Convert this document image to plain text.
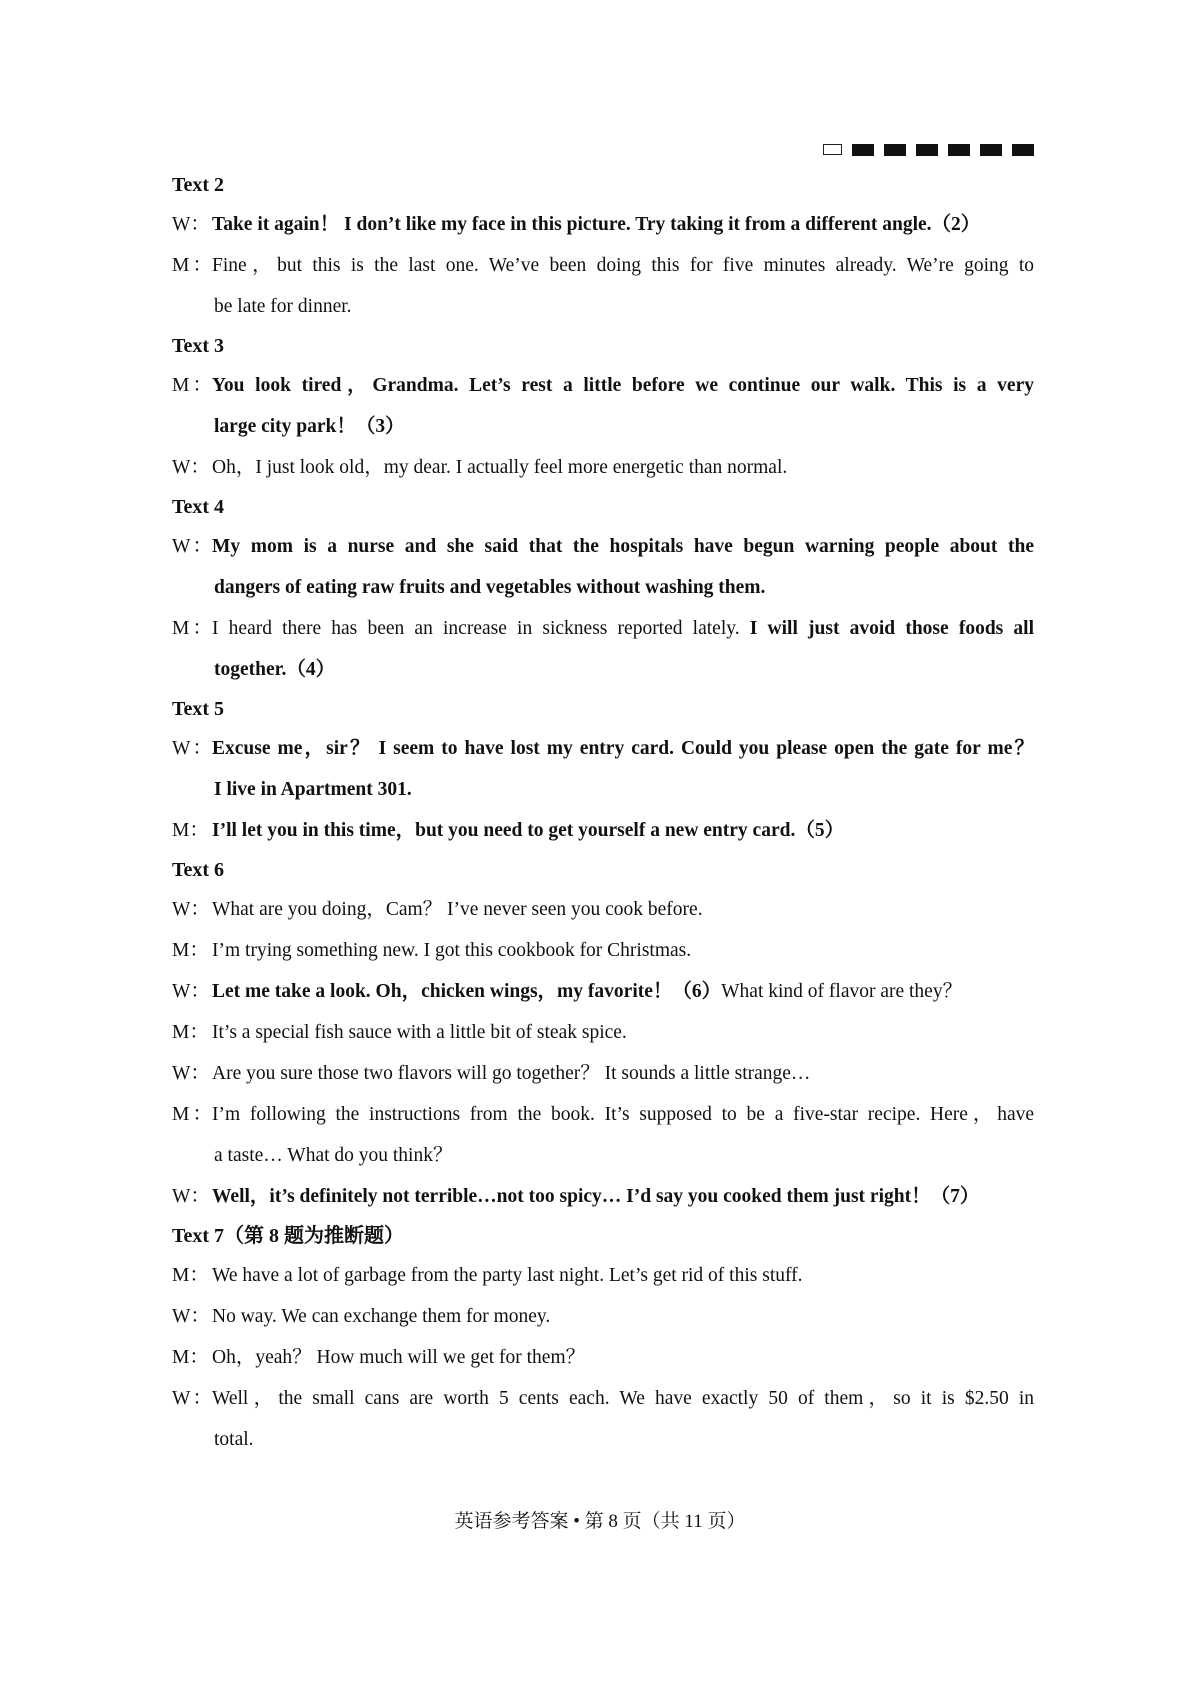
Text 2
W： Take it again！ I don’t like my face in this picture. Try taking it from a different angle.（2）
M：Fine，but this is the last one. We’ve been doing this for five minutes already. We’re going to
be late for dinner.
Text 3
M：You look tired，Grandma. Let’s rest a little before we continue our walk. This is a very
large city park！（3）
W： Oh，I just look old，my dear. I actually feel more energetic than normal.
Text 4
W：My mom is a nurse and she said that the hospitals have begun warning people about the
dangers of eating raw fruits and vegetables without washing them.
M：I heard there has been an increase in sickness reported lately. I will just avoid those foods all
together.（4）
Text 5
W：Excuse me，sir？ I seem to have lost my entry card. Could you please open the gate for me？
I live in Apartment 301.
M： I’ll let you in this time，but you need to get yourself a new entry card.（5）
Text 6
W： What are you doing，Cam？ I’ve never seen you cook before.
M： I’m trying something new. I got this cookbook for Christmas.
W： Let me take a look. Oh，chicken wings，my favorite！（6）What kind of flavor are they？
M： It’s a special fish sauce with a little bit of steak spice.
W： Are you sure those two flavors will go together？ It sounds a little strange…
M：I’m following the instructions from the book. It’s supposed to be a five-star recipe. Here，have
a taste… What do you think？
W： Well，it’s definitely not terrible…not too spicy… I’d say you cooked them just right！（7）
Text 7（第 8 题为推断题）
M： We have a lot of garbage from the party last night. Let’s get rid of this stuff.
W： No way. We can exchange them for money.
M： Oh，yeah？ How much will we get for them？
W：Well，the small cans are worth 5 cents each. We have exactly 50 of them，so it is $2.50 in
total.
英语参考答案 • 第 8 页（共 11 页）
